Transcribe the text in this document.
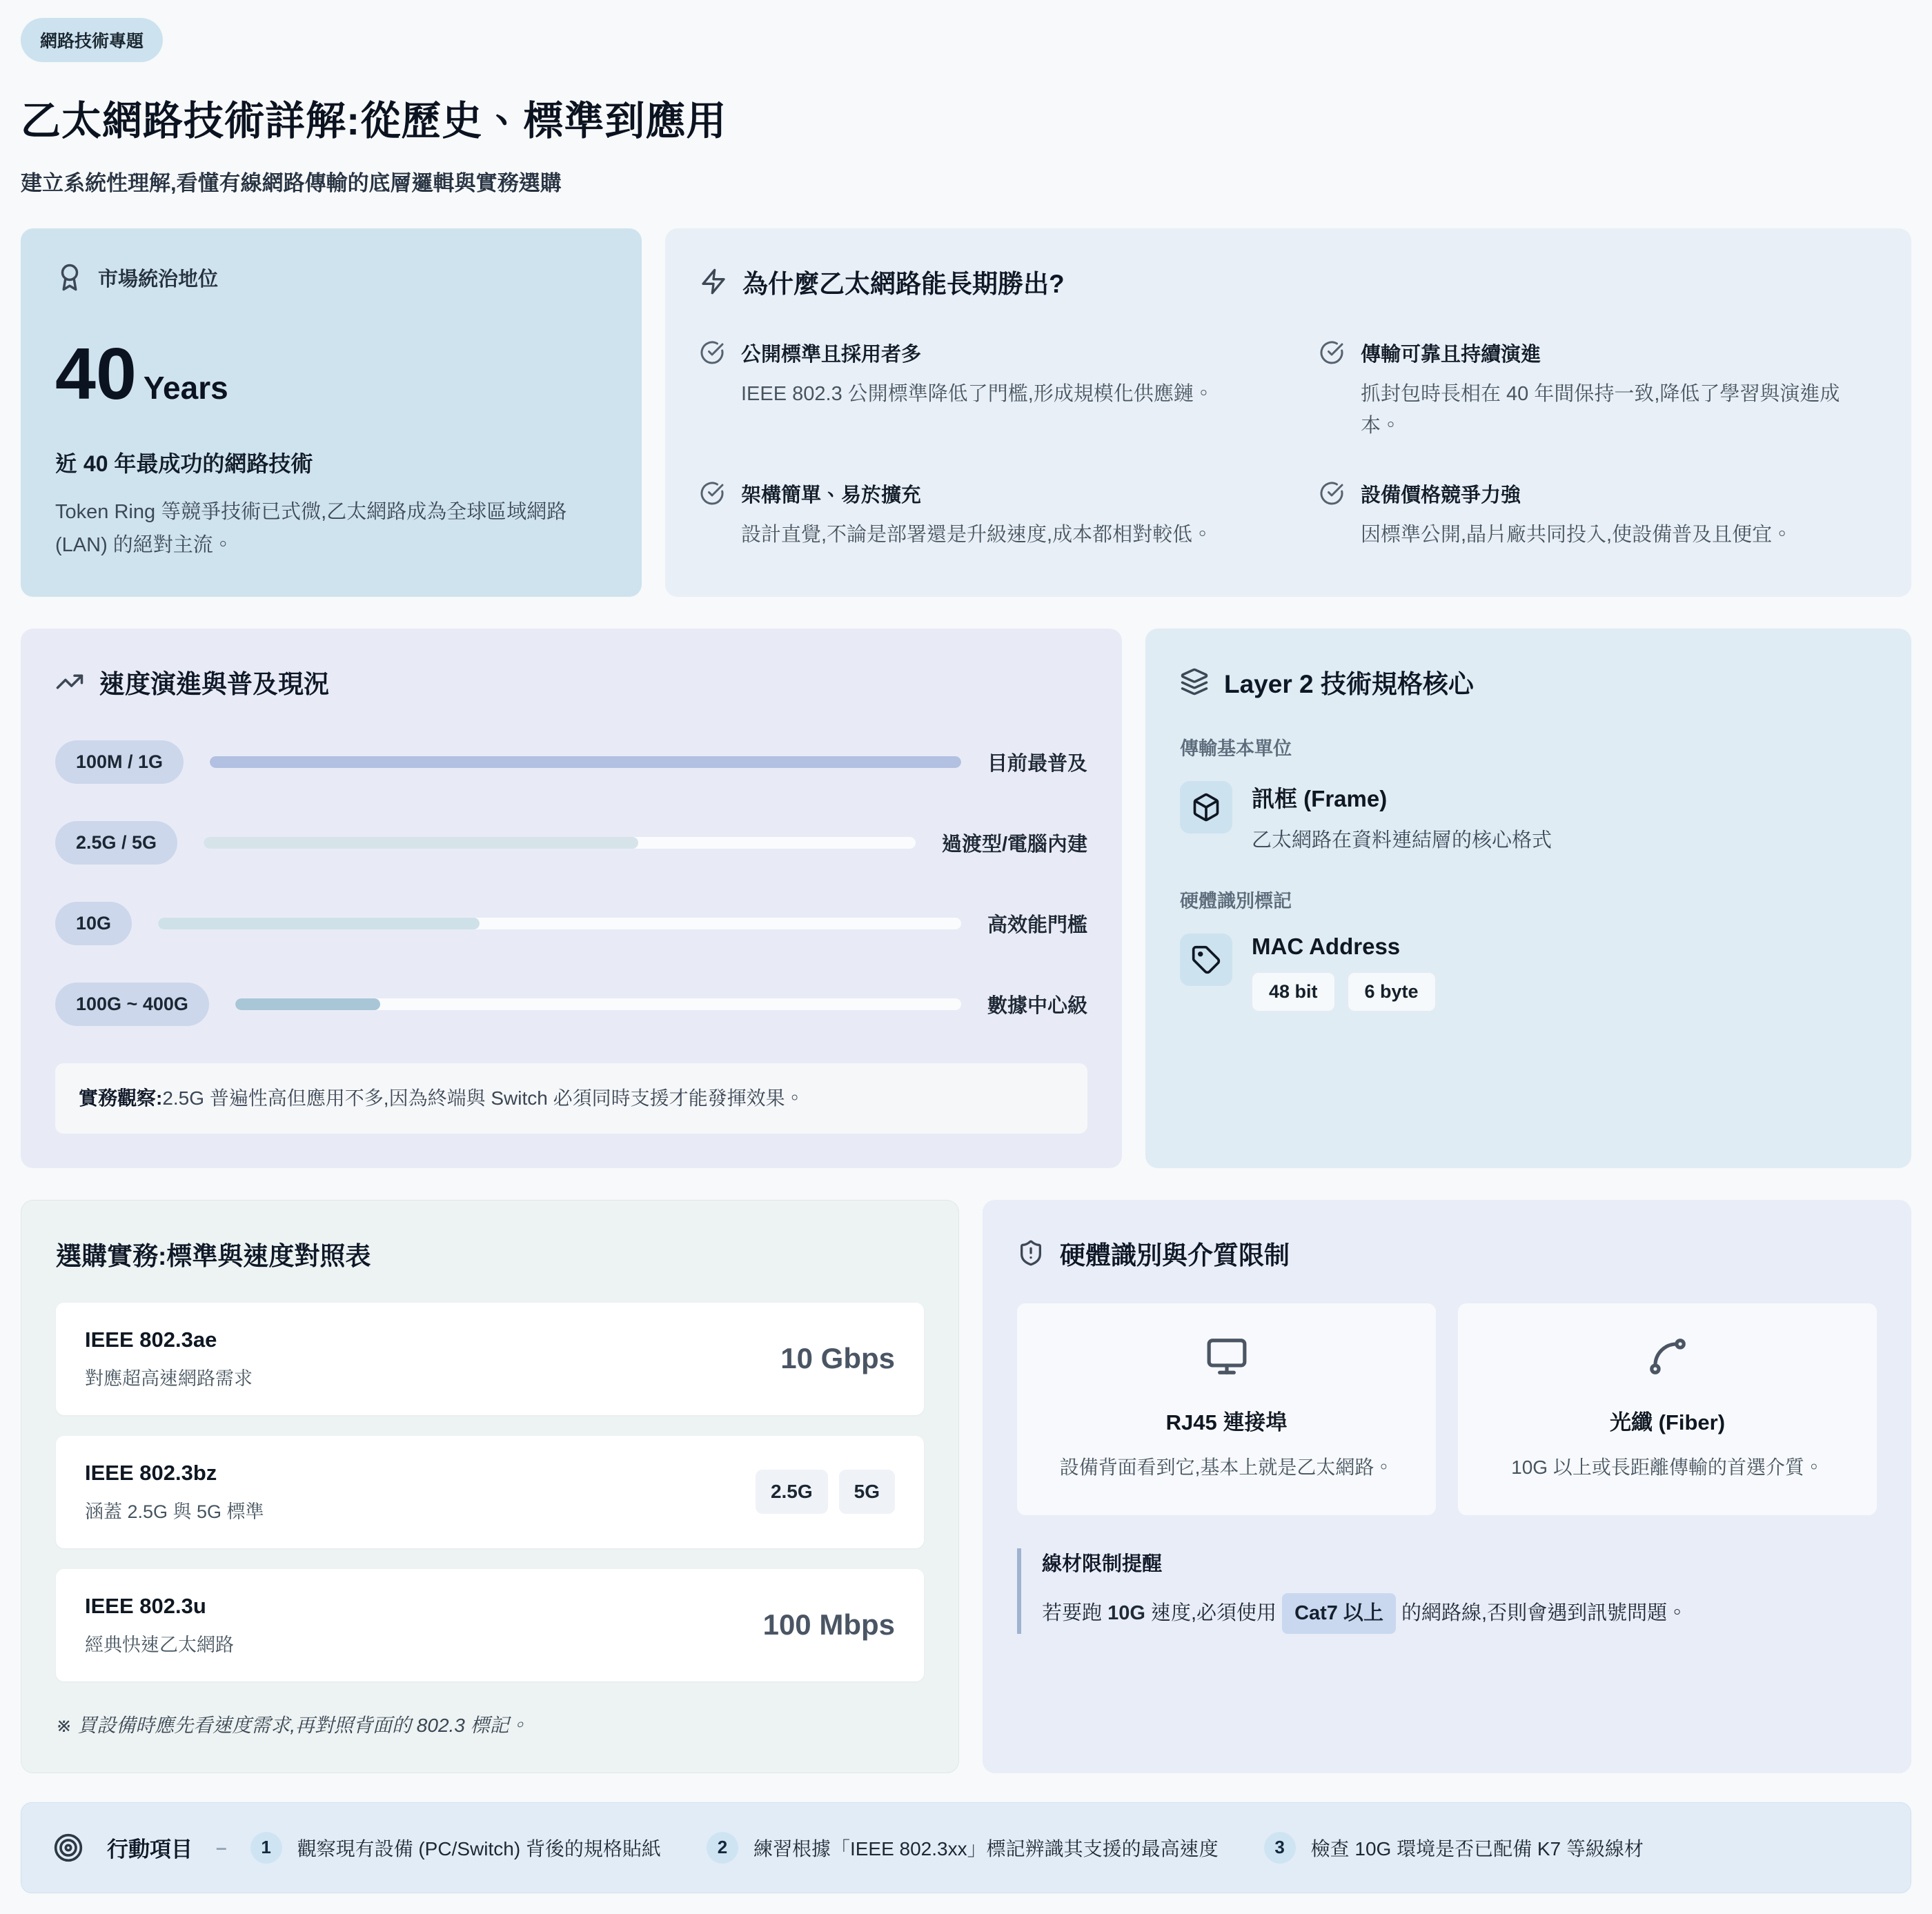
網路技術專題
乙太網路技術詳解:從歷史、標準到應用

建立系統性理解,看懂有線網路傳輸的底層邏輯與實務選購

市場統治地位
40 Years
近 40 年最成功的網路技術

Token Ring 等競爭技術已式微,乙太網路成為全球區域網路 (LAN) 的絕對主流。

為什麼乙太網路能長期勝出?
公開標準且採用者多

IEEE 802.3 公開標準降低了門檻,形成規模化供應鏈。

傳輸可靠且持續演進

抓封包時長相在 40 年間保持一致,降低了學習與演進成本。

架構簡單、易於擴充

設計直覺,不論是部署還是升級速度,成本都相對較低。

設備價格競爭力強

因標準公開,晶片廠共同投入,使設備普及且便宜。

速度演進與普及現況
100M / 1G	目前最普及
2.5G / 5G	過渡型/電腦內建
10G	高效能門檻
100G ~ 400G	數據中心級
實務觀察:2.5G 普遍性高但應用不多,因為終端與 Switch 必須同時支援才能發揮效果。
Layer 2 技術規格核心
傳輸基本單位
訊框 (Frame)

乙太網路在資料連結層的核心格式

硬體識別標記
MAC Address
48 bit	6 byte
選購實務:標準與速度對照表
IEEE 802.3ae
對應超高速網路需求
10 Gbps
IEEE 802.3bz
涵蓋 2.5G 與 5G 標準
2.5G	5G
IEEE 802.3u
經典快速乙太網路
100 Mbps
※ 買設備時應先看速度需求,再對照背面的 802.3 標記。
硬體識別與介質限制
RJ45 連接埠

設備背面看到它,基本上就是乙太網路。

光纖 (Fiber)

10G 以上或長距離傳輸的首選介質。

線材限制提醒
若要跑 10G 速度,必須使用 Cat7 以上 的網路線,否則會遇到訊號問題。
行動項目 –	1	觀察現有設備 (PC/Switch) 背後的規格貼紙	2	練習根據「IEEE 802.3xx」標記辨識其支援的最高速度	3	檢查 10G 環境是否已配備 K7 等級線材
